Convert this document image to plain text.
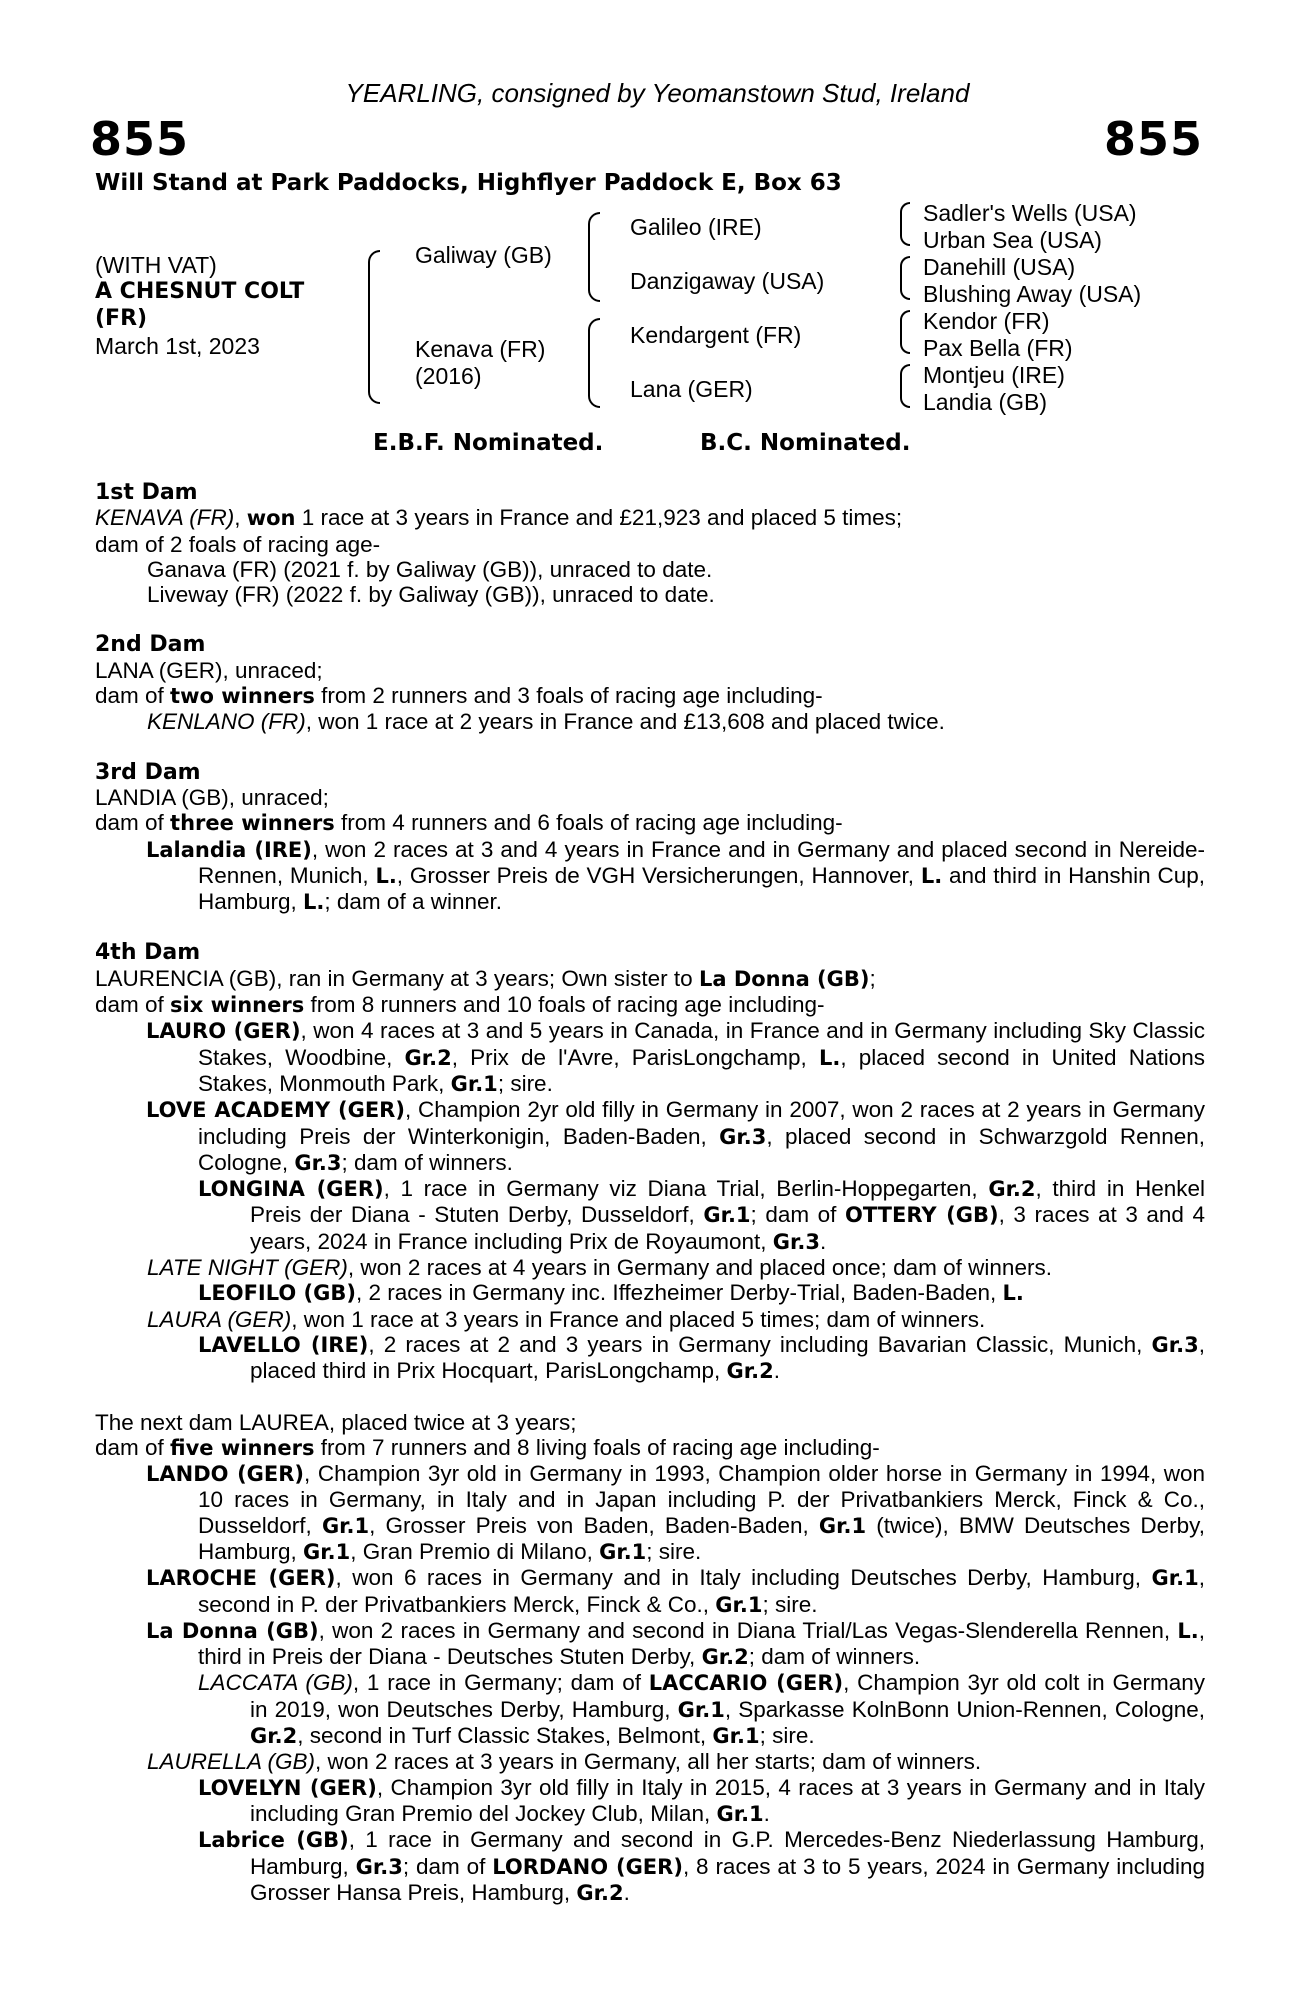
YEARLING, consigned by Yeomanstown Stud, Ireland
855	855
Will Stand at Park Paddocks, Highflyer Paddock E, Box 63
(WITH VAT)
A CHESNUT COLT
(FR)
March 1st, 2023
Galiway (GB)
Kenava (FR)
(2016)
Galileo (IRE)
Danzigaway (USA)
Kendargent (FR)
Lana (GER)
Sadler's Wells (USA)
Urban Sea (USA)
Danehill (USA)
Blushing Away (USA)
Kendor (FR)
Pax Bella (FR)
Montjeu (IRE)
Landia (GB)
E.B.F. Nominated.	B.C. Nominated.

1st Dam

KENAVA (FR), won 1 race at 3 years in France and £21,923 and placed 5 times;

dam of 2 foals of racing age-

Ganava (FR) (2021 f. by Galiway (GB)), unraced to date.

Liveway (FR) (2022 f. by Galiway (GB)), unraced to date.

2nd Dam

LANA (GER), unraced;

dam of two winners from 2 runners and 3 foals of racing age including-

KENLANO (FR), won 1 race at 2 years in France and £13,608 and placed twice.

3rd Dam

LANDIA (GB), unraced;

dam of three winners from 4 runners and 6 foals of racing age including-

Lalandia (IRE), won 2 races at 3 and 4 years in France and in Germany and placed second in Nereide-Rennen, Munich, L., Grosser Preis de VGH Versicherungen, Hannover, L. and third in Hanshin Cup, Hamburg, L.; dam of a winner.

4th Dam

LAURENCIA (GB), ran in Germany at 3 years; Own sister to La Donna (GB);

dam of six winners from 8 runners and 10 foals of racing age including-

LAURO (GER), won 4 races at 3 and 5 years in Canada, in France and in Germany including Sky Classic Stakes, Woodbine, Gr.2, Prix de l'Avre, ParisLongchamp, L., placed second in United Nations Stakes, Monmouth Park, Gr.1; sire.

LOVE ACADEMY (GER), Champion 2yr old filly in Germany in 2007, won 2 races at 2 years in Germany including Preis der Winterkonigin, Baden-Baden, Gr.3, placed second in Schwarzgold Rennen, Cologne, Gr.3; dam of winners.

LONGINA (GER), 1 race in Germany viz Diana Trial, Berlin-Hoppegarten, Gr.2, third in Henkel Preis der Diana - Stuten Derby, Dusseldorf, Gr.1; dam of OTTERY (GB), 3 races at 3 and 4 years, 2024 in France including Prix de Royaumont, Gr.3.

LATE NIGHT (GER), won 2 races at 4 years in Germany and placed once; dam of winners.

LEOFILO (GB), 2 races in Germany inc. Iffezheimer Derby-Trial, Baden-Baden, L.

LAURA (GER), won 1 race at 3 years in France and placed 5 times; dam of winners.

LAVELLO (IRE), 2 races at 2 and 3 years in Germany including Bavarian Classic, Munich, Gr.3, placed third in Prix Hocquart, ParisLongchamp, Gr.2.

The next dam LAUREA, placed twice at 3 years;

dam of five winners from 7 runners and 8 living foals of racing age including-

LANDO (GER), Champion 3yr old in Germany in 1993, Champion older horse in Germany in 1994, won 10 races in Germany, in Italy and in Japan including P. der Privatbankiers Merck, Finck & Co., Dusseldorf, Gr.1, Grosser Preis von Baden, Baden-Baden, Gr.1 (twice), BMW Deutsches Derby, Hamburg, Gr.1, Gran Premio di Milano, Gr.1; sire.

LAROCHE (GER), won 6 races in Germany and in Italy including Deutsches Derby, Hamburg, Gr.1, second in P. der Privatbankiers Merck, Finck & Co., Gr.1; sire.

La Donna (GB), won 2 races in Germany and second in Diana Trial/Las Vegas-Slenderella Rennen, L., third in Preis der Diana - Deutsches Stuten Derby, Gr.2; dam of winners.

LACCATA (GB), 1 race in Germany; dam of LACCARIO (GER), Champion 3yr old colt in Germany in 2019, won Deutsches Derby, Hamburg, Gr.1, Sparkasse KolnBonn Union-Rennen, Cologne, Gr.2, second in Turf Classic Stakes, Belmont, Gr.1; sire.

LAURELLA (GB), won 2 races at 3 years in Germany, all her starts; dam of winners.

LOVELYN (GER), Champion 3yr old filly in Italy in 2015, 4 races at 3 years in Germany and in Italy including Gran Premio del Jockey Club, Milan, Gr.1.

Labrice (GB), 1 race in Germany and second in G.P. Mercedes-Benz Niederlassung Hamburg, Hamburg, Gr.3; dam of LORDANO (GER), 8 races at 3 to 5 years, 2024 in Germany including Grosser Hansa Preis, Hamburg, Gr.2.
